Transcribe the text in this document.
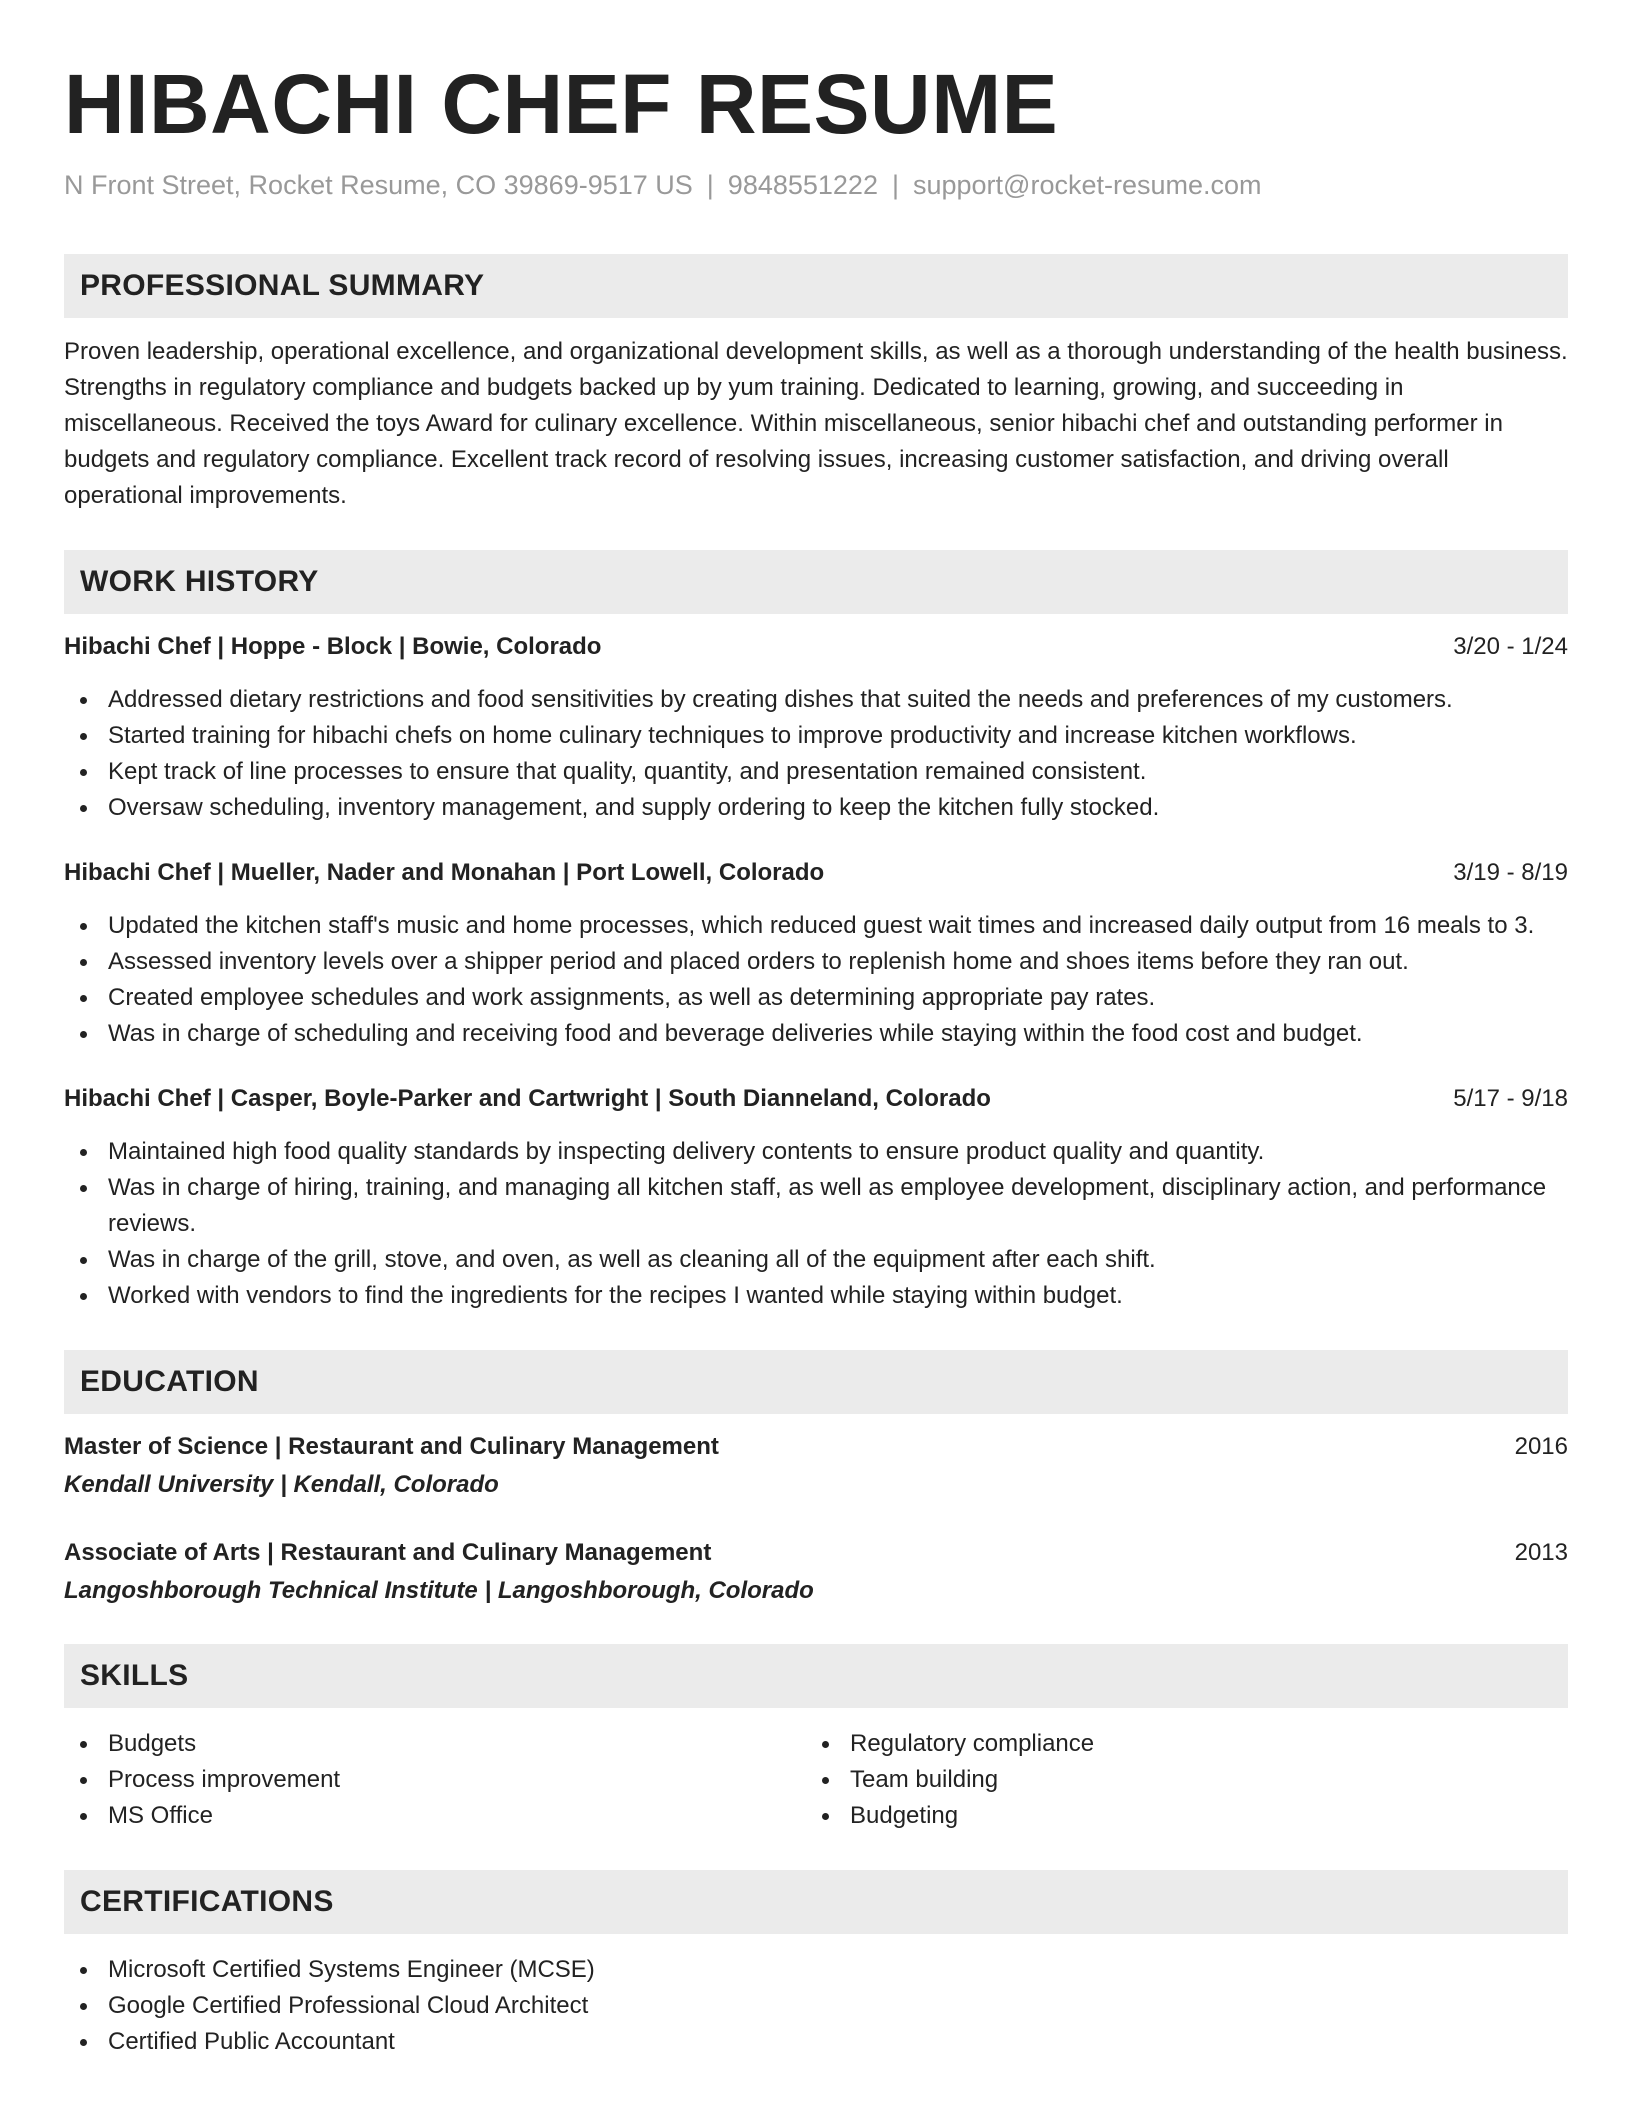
HIBACHI CHEF RESUME
N Front Street, Rocket Resume, CO 39869-9517 US | 9848551222 | support@rocket-resume.com
PROFESSIONAL SUMMARY

Proven leadership, operational excellence, and organizational development skills, as well as a thorough understanding of the health business. Strengths in regulatory compliance and budgets backed up by yum training. Dedicated to learning, growing, and succeeding in miscellaneous. Received the toys Award for culinary excellence. Within miscellaneous, senior hibachi chef and outstanding performer in budgets and regulatory compliance. Excellent track record of resolving issues, increasing customer satisfaction, and driving overall operational improvements.

WORK HISTORY
Hibachi Chef | Hoppe - Block | Bowie, Colorado	3/20 - 1/24
Addressed dietary restrictions and food sensitivities by creating dishes that suited the needs and preferences of my customers.
Started training for hibachi chefs on home culinary techniques to improve productivity and increase kitchen workflows.
Kept track of line processes to ensure that quality, quantity, and presentation remained consistent.
Oversaw scheduling, inventory management, and supply ordering to keep the kitchen fully stocked.
Hibachi Chef | Mueller, Nader and Monahan | Port Lowell, Colorado	3/19 - 8/19
Updated the kitchen staff's music and home processes, which reduced guest wait times and increased daily output from 16 meals to 3.
Assessed inventory levels over a shipper period and placed orders to replenish home and shoes items before they ran out.
Created employee schedules and work assignments, as well as determining appropriate pay rates.
Was in charge of scheduling and receiving food and beverage deliveries while staying within the food cost and budget.
Hibachi Chef | Casper, Boyle-Parker and Cartwright | South Dianneland, Colorado	5/17 - 9/18
Maintained high food quality standards by inspecting delivery contents to ensure product quality and quantity.
Was in charge of hiring, training, and managing all kitchen staff, as well as employee development, disciplinary action, and performance reviews.
Was in charge of the grill, stove, and oven, as well as cleaning all of the equipment after each shift.
Worked with vendors to find the ingredients for the recipes I wanted while staying within budget.
EDUCATION
Master of Science | Restaurant and Culinary Management	2016
Kendall University | Kendall, Colorado
Associate of Arts | Restaurant and Culinary Management	2013
Langoshborough Technical Institute | Langoshborough, Colorado
SKILLS
Budgets
Process improvement
MS Office
Regulatory compliance
Team building
Budgeting
CERTIFICATIONS
Microsoft Certified Systems Engineer (MCSE)
Google Certified Professional Cloud Architect
Certified Public Accountant
